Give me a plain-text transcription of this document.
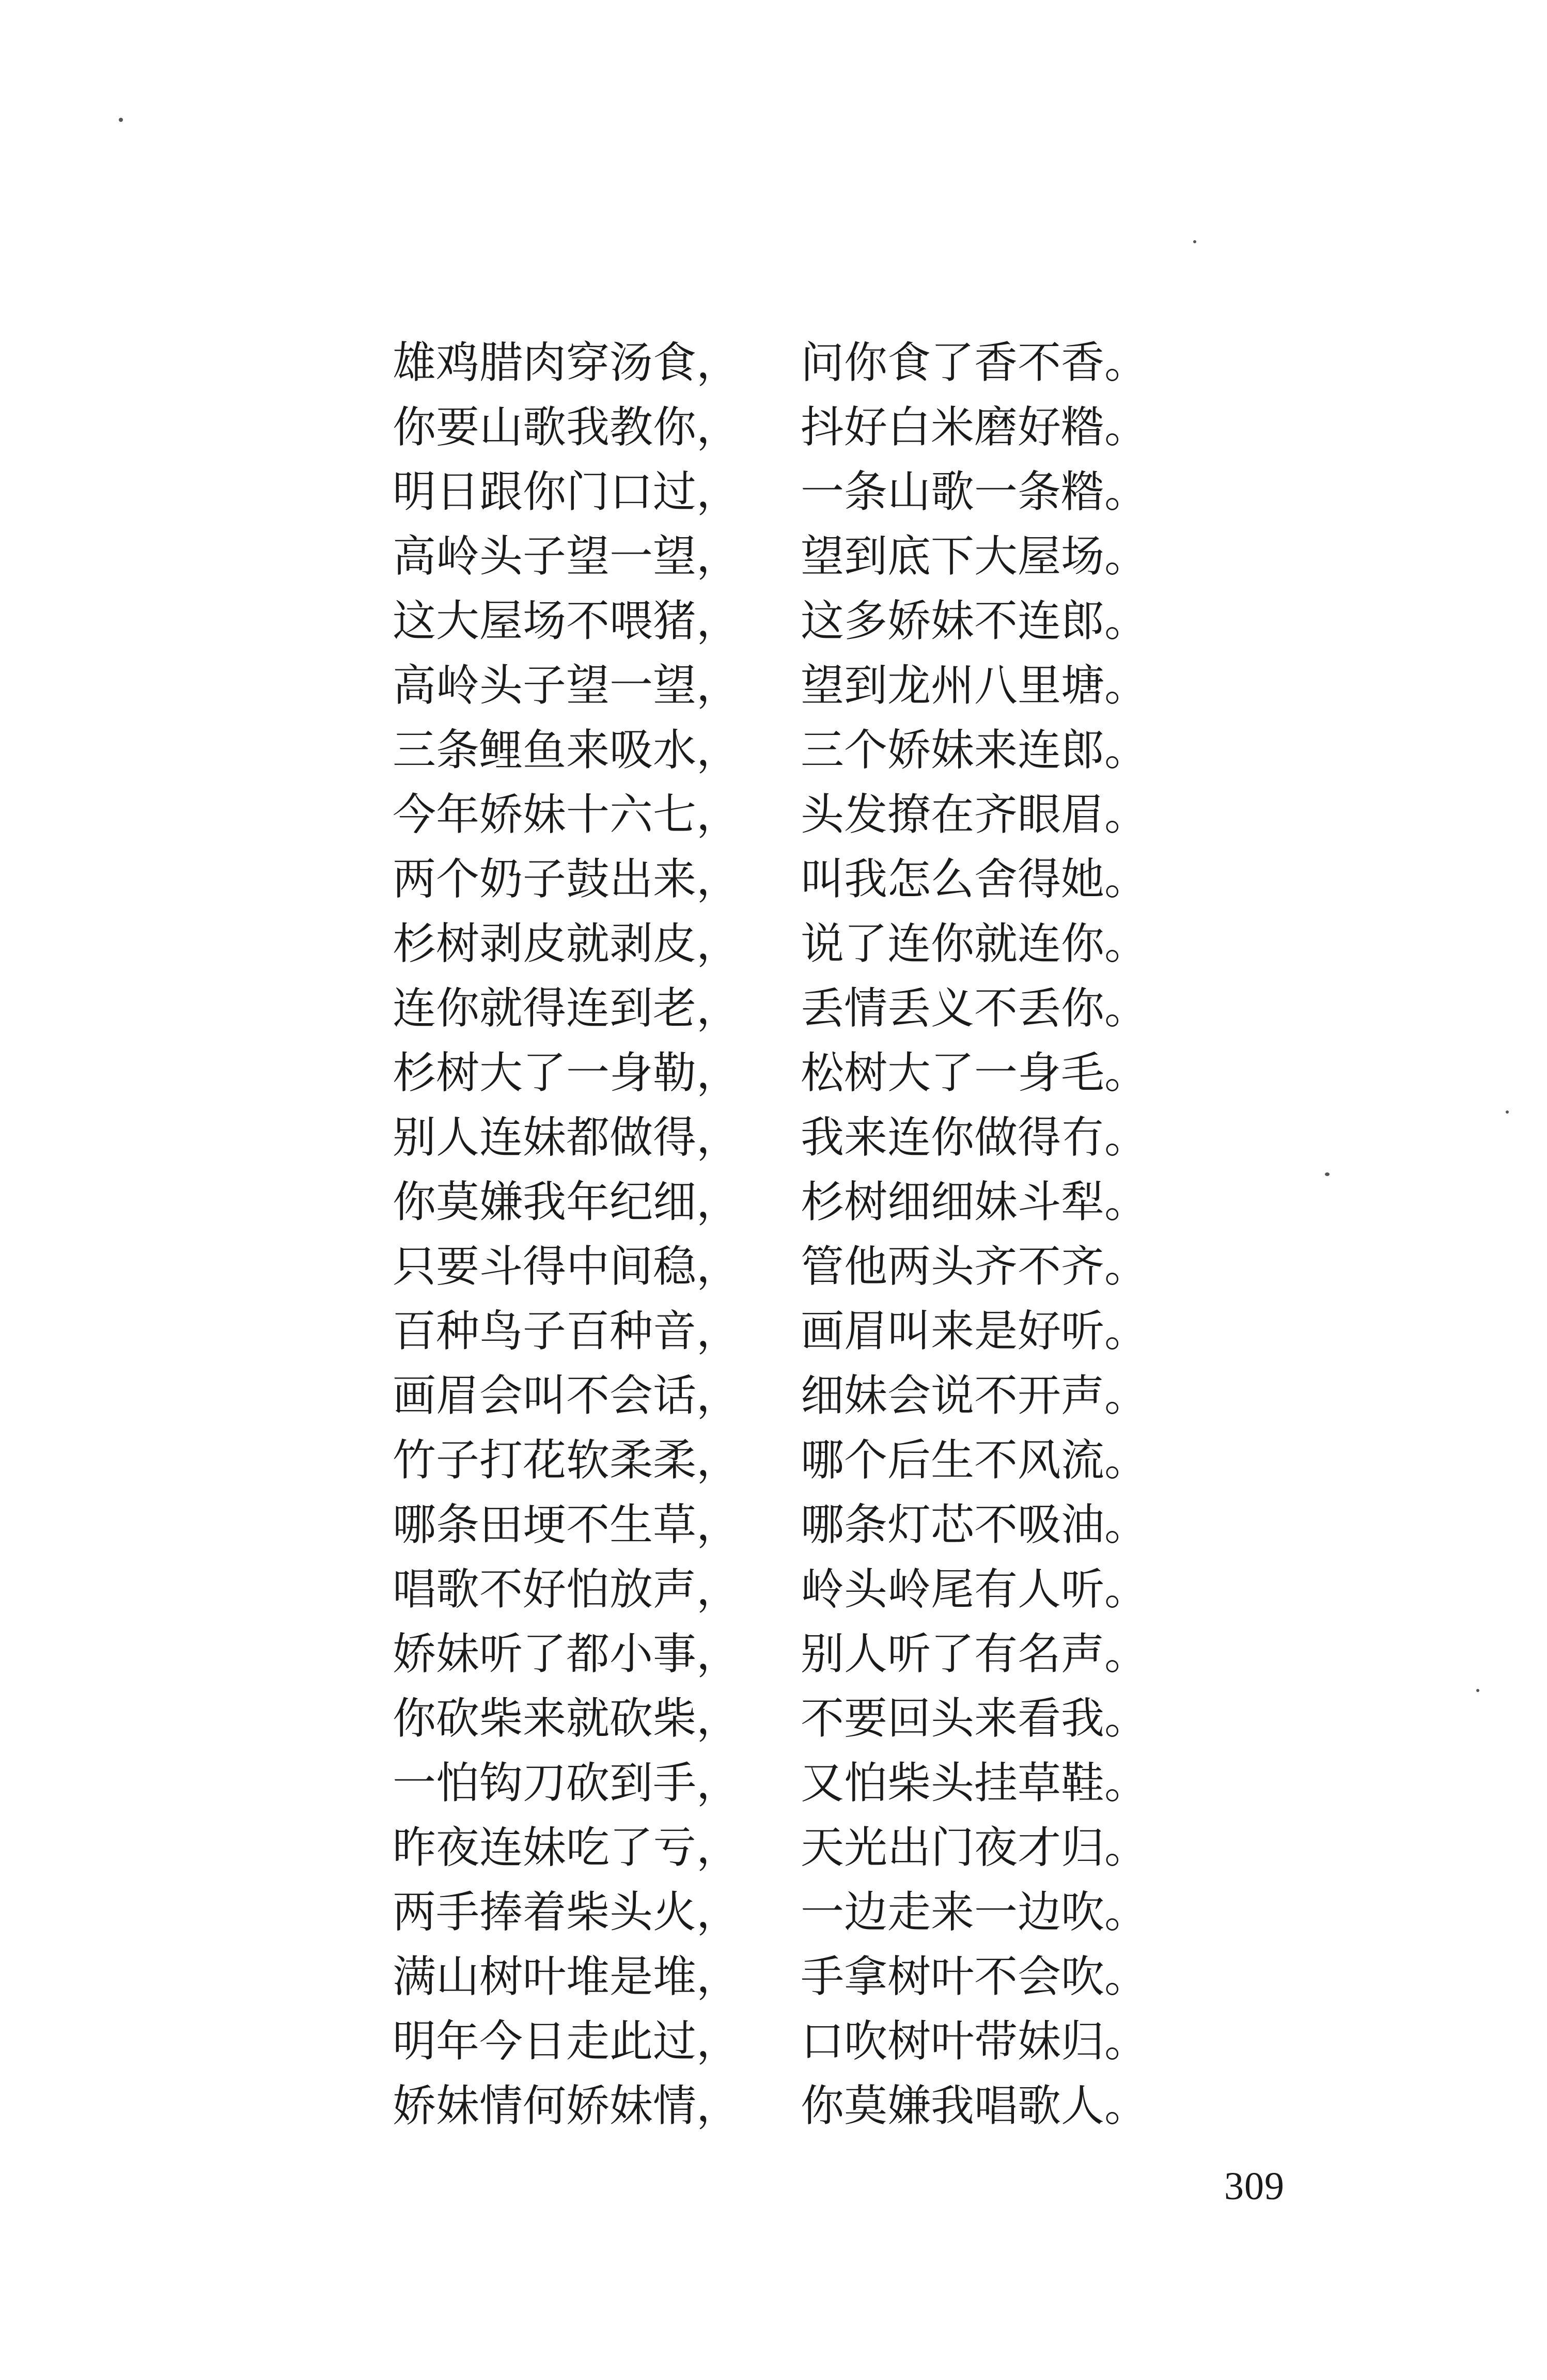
雄鸡腊肉穿汤食， 问你食了香不香。
你要山歌我教你， 抖好白米磨好糌。
明日跟你门口过， 一条山歌一条糌。
高岭头子望一望， 望到底下大屋场。
这大屋场不喂猪， 这多娇妹不连郎。
高岭头子望一望， 望到龙州八里塘。
三条鲤鱼来吸水， 三个娇妹来连郎。
今年娇妹十六七， 头发撩在齐眼眉。
两个奶子鼓出来， 叫我怎么舍得她。
杉树剥皮就剥皮， 说了连你就连你。
连你就得连到老， 丢情丢义不丢你。
杉树大了一身勒， 松树大了一身毛。
别人连妹都做得， 我来连你做得冇。
你莫嫌我年纪细， 杉树细细妹斗犁。
只要斗得中间稳， 管他两头齐不齐。
百种鸟子百种音， 画眉叫来是好听。
画眉会叫不会话， 细妹会说不开声。
竹子打花软柔柔， 哪个后生不风流。
哪条田埂不生草， 哪条灯芯不吸油。
唱歌不好怕放声， 岭头岭尾有人听。
娇妹听了都小事， 别人听了有名声。
你砍柴来就砍柴， 不要回头来看我。
一怕钩刀砍到手， 又怕柴头挂草鞋。
昨夜连妹吃了亏， 天光出门夜才归。
两手捧着柴头火， 一边走来一边吹。
满山树叶堆是堆， 手拿树叶不会吹。
明年今日走此过， 口吹树叶带妹归。
娇妹情何娇妹情， 你莫嫌我唱歌人。
309
